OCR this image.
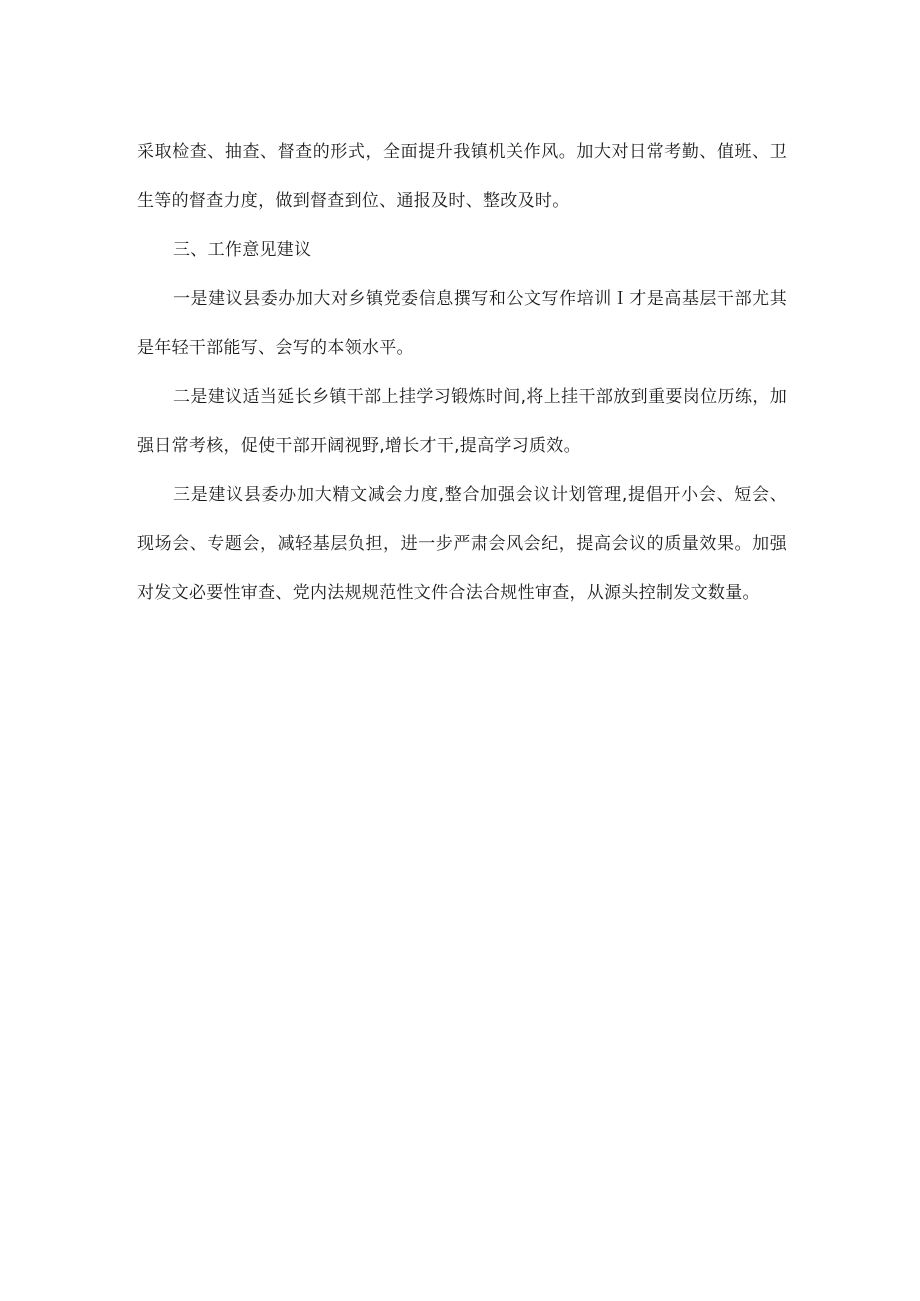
采取检查、抽查、督查的形式，全面提升我镇机关作风。加大对日常考勤、值班、卫生等的督查力度，做到督查到位、通报及时、整改及时。

三、工作意见建议

一是建议县委办加大对乡镇党委信息撰写和公文写作培训Ｉ才是高基层干部尤其是年轻干部能写、会写的本领水平。

二是建议适当延长乡镇干部上挂学习锻炼时间,将上挂干部放到重要岗位历练，加强日常考核，促使干部开阔视野,增长才干,提高学习质效。

三是建议县委办加大精文减会力度,整合加强会议计划管理,提倡开小会、短会、现场会、专题会，减轻基层负担，进一步严肃会风会纪，提高会议的质量效果。加强对发文必要性审查、党内法规规范性文件合法合规性审查，从源头控制发文数量。
